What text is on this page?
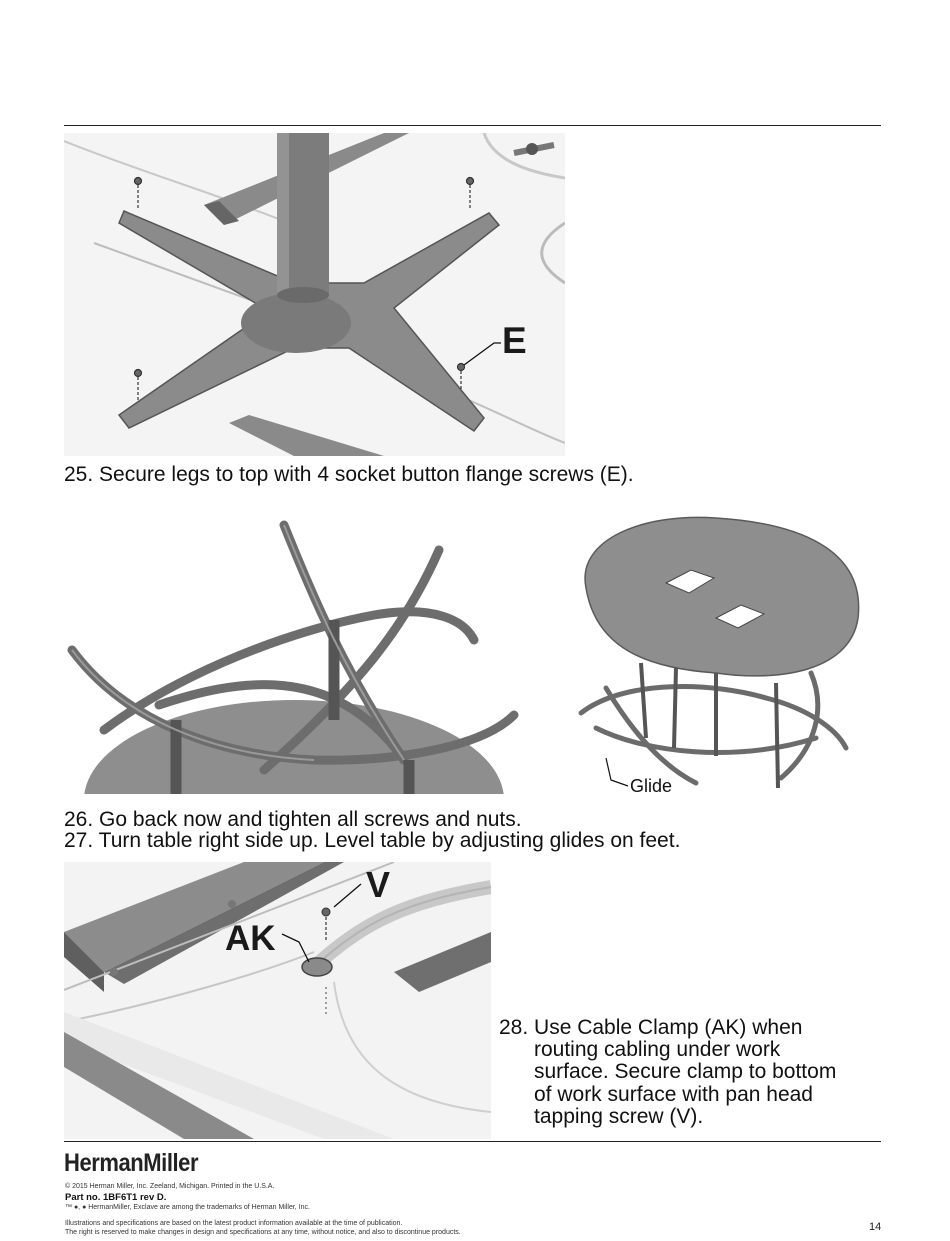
E
25. Secure legs to top with 4 socket button flange screws (E).
Glide
26. Go back now and tighten all screws and nuts.
27. Turn table right side up. Level table by adjusting glides on feet.
V
AK
28. Use Cable Clamp (AK) when
routing cabling under work
surface. Secure clamp to bottom
of work surface with pan head
tapping screw (V).
HermanMiller
© 2015 Herman Miller, Inc. Zeeland, Michigan. Printed in the U.S.A.
Part no. 1BF6T1 rev D.
™ ●, ● HermanMiller, Exclave are among the trademarks of Herman Miller, Inc.
Illustrations and specifications are based on the latest product information available at the time of publication.
The right is reserved to make changes in design and specifications at any time, without notice, and also to discontinue products.	14
